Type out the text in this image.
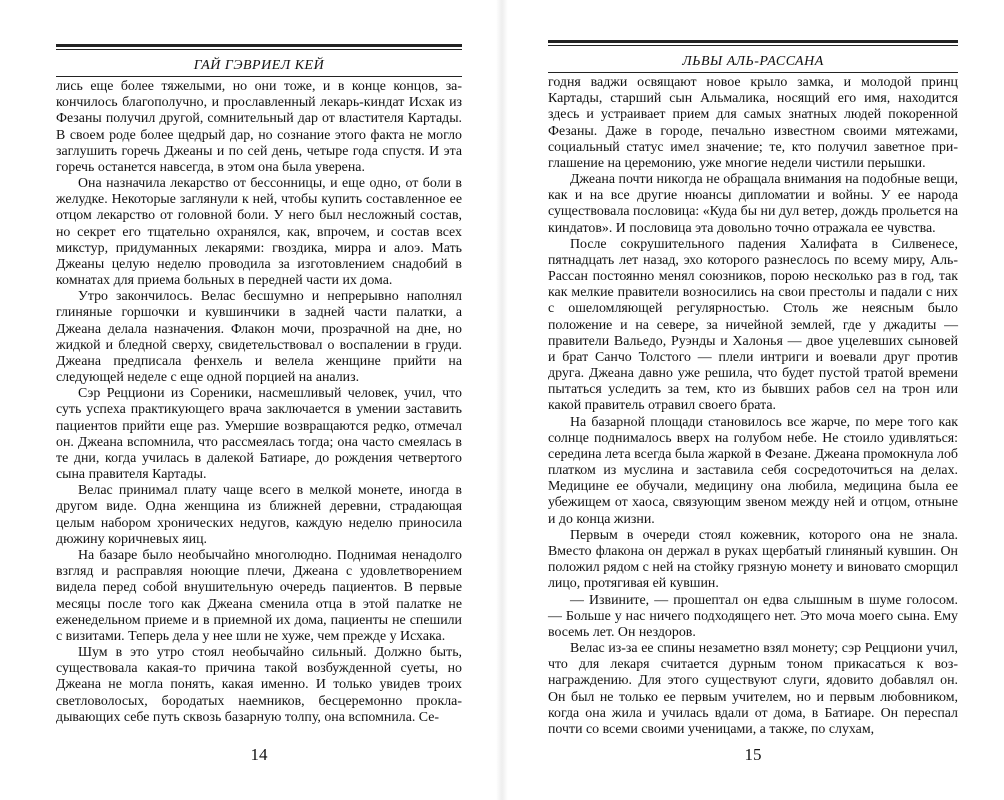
ГАЙ ГЭВРИЕЛ КЕЙ

лись еще более тяжелыми, но они тоже, и в конце концов, закончилось благополучно, и прославленный лекарь-киндат Исхак из Фезаны получил другой, сомнительный дар от властителя Картады. В своем роде более щедрый дар, но сознание этого факта не могло заглушить горечь Джеаны и по сей день, четыре года спустя. И эта горечь останется навсегда, в этом она была уверена.

Она назначила лекарство от бессонницы, и еще одно, от боли в желудке. Некоторые заглянули к ней, чтобы купить составленное ее отцом лекарство от головной боли. У него был несложный состав, но секрет его тщательно охранялся, как, впрочем, и состав всех микстур, придуманных лекарями: гвоздика, мирра и алоэ. Мать Джеаны целую неделю проводила за изготовлением снадобий в комнатах для приема больных в передней части их дома.

Утро закончилось. Велас бесшумно и непрерывно наполнял глиняные горшочки и кувшинчики в задней части палатки, а Джеана делала назначения. Флакон мочи, прозрачной на дне, но жидкой и бледной сверху, свидетельствовал о воспалении в груди. Джеана предписала фенхель и велела женщине прийти на следующей неделе с еще одной порцией на анализ.

Сэр Рецциони из Сореники, насмешливый человек, учил, что суть успеха практикующего врача заключается в умении заставить пациентов прийти еще раз. Умершие возвращаются редко, отмечал он. Джеана вспомнила, что рассмеялась тогда; она часто смеялась в те дни, когда училась в далекой Батиаре, до рождения четвертого сына правителя Картады.

Велас принимал плату чаще всего в мелкой монете, иногда в другом виде. Одна женщина из ближней деревни, страдающая целым набором хронических недугов, каждую неделю приносила дюжину коричневых яиц.

На базаре было необычайно многолюдно. Поднимая ненадолго взгляд и расправляя ноющие плечи, Джеана с удовлетворением видела перед собой внушительную очередь пациентов. В первые месяцы после того как Джеана сменила отца в этой палатке не еженедельном приеме и в приемной их дома, пациенты не спешили с визитами. Теперь дела у нее шли не хуже, чем прежде у Исхака.

Шум в это утро стоял необычайно сильный. Должно быть, существовала какая-то причина такой возбужденной суеты, но Джеана не могла понять, какая именно. И только увидев троих светловолосых, бородатых наемников, бесцеремонно прокладывающих себе путь сквозь базарную толпу, она вспомнила. Се-

14
ЛЬВЫ АЛЬ-РАССАНА

годня ваджи освящают новое крыло замка, и молодой принц Картады, старший сын Альмалика, носящий его имя, находится здесь и устраивает прием для самых знатных людей покоренной Фезаны. Даже в городе, печально известном своими мятежами, социальный статус имел значение; те, кто получил заветное приглашение на церемонию, уже многие недели чистили перышки.

Джеана почти никогда не обращала внимания на подобные вещи, как и на все другие нюансы дипломатии и войны. У ее народа существовала пословица: «Куда бы ни дул ветер, дождь прольется на киндатов». И пословица эта довольно точно отражала ее чувства.

После сокрушительного падения Халифата в Силвенесе, пятнадцать лет назад, эхо которого разнеслось по всему миру, Аль-Рассан постоянно менял союзников, порою несколько раз в год, так как мелкие правители возносились на свои престолы и падали с них с ошеломляющей регулярностью. Столь же неясным было положение и на севере, за ничейной землей, где у джадиты — правители Вальедо, Руэнды и Халонья — двое уцелевших сыновей и брат Санчо Толстого — плели интриги и воевали друг против друга. Джеана давно уже решила, что будет пустой тратой времени пытаться уследить за тем, кто из бывших рабов сел на трон или какой правитель отравил своего брата.

На базарной площади становилось все жарче, по мере того как солнце поднималось вверх на голубом небе. Не стоило удивляться: середина лета всегда была жаркой в Фезане. Джеана промокнула лоб платком из муслина и заставила себя сосредоточиться на делах. Медицине ее обучали, медицину она любила, медицина была ее убежищем от хаоса, связующим звеном между ней и отцом, отныне и до конца жизни.

Первым в очереди стоял кожевник, которого она не знала. Вместо флакона он держал в руках щербатый глиняный кувшин. Он положил рядом с ней на стойку грязную монету и виновато сморщил лицо, протягивая ей кувшин.

— Извините, — прошептал он едва слышным в шуме голосом. — Больше у нас ничего подходящего нет. Это моча моего сына. Ему восемь лет. Он нездоров.

Велас из-за ее спины незаметно взял монету; сэр Рецциони учил, что для лекаря считается дурным тоном прикасаться к вознаграждению. Для этого существуют слуги, ядовито добавлял он. Он был не только ее первым учителем, но и первым любовником, когда она жила и училась вдали от дома, в Батиаре. Он переспал почти со всеми своими ученицами, а также, по слухам,

15
